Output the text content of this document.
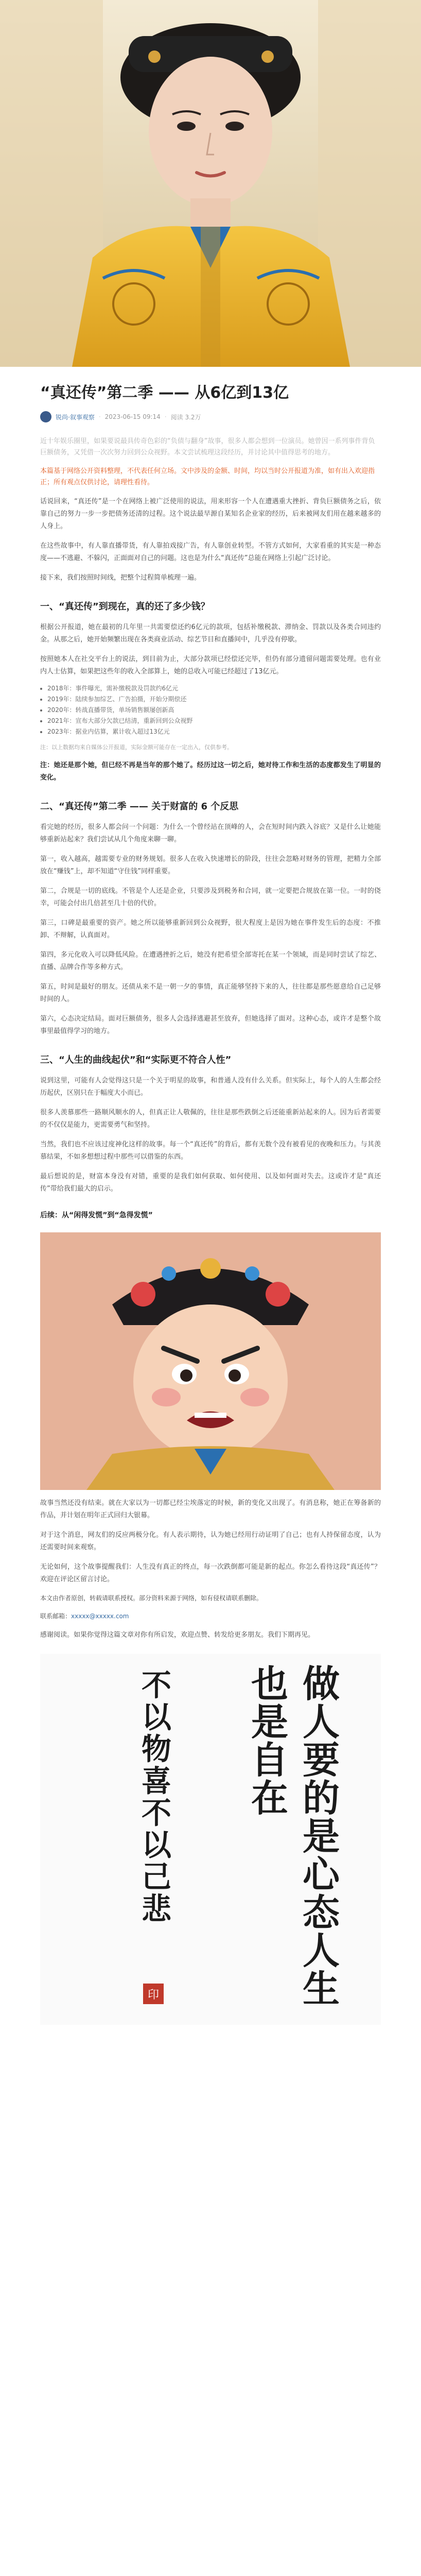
“真还传”第二季 —— 从6亿到13亿
锐尚·叙事观察 · 2023-06-15 09:14 · 阅读 3.2万

近十年娱乐圈里，如果要说最具传奇色彩的“负债与翻身”故事，很多人都会想到一位演员。她曾因一系列事件背负巨额债务，又凭借一次次努力回到公众视野。本文尝试梳理这段经历，并讨论其中值得思考的地方。

本篇基于网络公开资料整理，不代表任何立场。文中涉及的金额、时间，均以当时公开报道为准，如有出入欢迎指正；所有观点仅供讨论，请理性看待。

话说回来，“真还传”是一个在网络上被广泛使用的说法，用来形容一个人在遭遇重大挫折、背负巨额债务之后，依靠自己的努力一步一步把债务还清的过程。这个说法最早源自某知名企业家的经历，后来被网友们用在越来越多的人身上。

在这些故事中，有人靠直播带货，有人靠拍戏接广告，有人靠创业转型。不管方式如何，大家看重的其实是一种态度——不逃避、不躲闪，正面面对自己的问题。这也是为什么“真还传”总能在网络上引起广泛讨论。

接下来，我们按照时间线，把整个过程简单梳理一遍。

一、“真还传”到现在，真的还了多少钱？

根据公开报道，她在最初的几年里一共需要偿还约6亿元的款项，包括补缴税款、滞纳金、罚款以及各类合同违约金。从那之后，她开始频繁出现在各类商业活动、综艺节目和直播间中，几乎没有停歇。

按照她本人在社交平台上的说法，到目前为止，大部分款项已经偿还完毕，但仍有部分遗留问题需要处理。也有业内人士估算，如果把这些年的收入全部算上，她的总收入可能已经超过了13亿元。

• 2018年：事件曝光，需补缴税款及罚款约6亿元
• 2019年：陆续参加综艺、广告拍摄，开始分期偿还
• 2020年：转战直播带货，单场销售额屡创新高
• 2021年：宣布大部分欠款已结清，重新回到公众视野
• 2023年：据业内估算，累计收入超过13亿元

注：以上数据均来自媒体公开报道，实际金额可能存在一定出入，仅供参考。

注：她还是那个她，但已经不再是当年的那个她了。经历过这一切之后，她对待工作和生活的态度都发生了明显的变化。

二、“真还传”第二季 —— 关于财富的 6 个反思

看完她的经历，很多人都会问一个问题：为什么一个曾经站在顶峰的人，会在短时间内跌入谷底？又是什么让她能够重新站起来？我们尝试从几个角度来聊一聊。

第一，收入越高，越需要专业的财务规划。很多人在收入快速增长的阶段，往往会忽略对财务的管理，把精力全部放在“赚钱”上，却不知道“守住钱”同样重要。

第二，合规是一切的底线。不管是个人还是企业，只要涉及到税务和合同，就一定要把合规放在第一位。一时的侥幸，可能会付出几倍甚至几十倍的代价。

第三，口碑是最重要的资产。她之所以能够重新回到公众视野，很大程度上是因为她在事件发生后的态度：不推卸、不辩解，认真面对。

第四，多元化收入可以降低风险。在遭遇挫折之后，她没有把希望全部寄托在某一个领域，而是同时尝试了综艺、直播、品牌合作等多种方式。

第五，时间是最好的朋友。还债从来不是一朝一夕的事情，真正能够坚持下来的人，往往都是那些愿意给自己足够时间的人。

第六，心态决定结局。面对巨额债务，很多人会选择逃避甚至放弃，但她选择了面对。这种心态，或许才是整个故事里最值得学习的地方。

三、“人生的曲线起伏”和“实际更不符合人性”

说到这里，可能有人会觉得这只是一个关于明星的故事，和普通人没有什么关系。但实际上，每个人的人生都会经历起伏，区别只在于幅度大小而已。

很多人羡慕那些一路顺风顺水的人，但真正让人敬佩的，往往是那些跌倒之后还能重新站起来的人。因为后者需要的不仅仅是能力，更需要勇气和坚持。

当然，我们也不应该过度神化这样的故事。每一个“真还传”的背后，都有无数个没有被看见的夜晚和压力。与其羡慕结果，不如多想想过程中那些可以借鉴的东西。

最后想说的是，财富本身没有对错，重要的是我们如何获取、如何使用、以及如何面对失去。这或许才是“真还传”带给我们最大的启示。

后续：从“闲得发慌”到“急得发慌”

故事当然还没有结束。就在大家以为一切都已经尘埃落定的时候，新的变化又出现了。有消息称，她正在筹备新的作品，并计划在明年正式回归大银幕。

对于这个消息，网友们的反应两极分化。有人表示期待，认为她已经用行动证明了自己；也有人持保留态度，认为还需要时间来观察。

无论如何，这个故事提醒我们：人生没有真正的终点，每一次跌倒都可能是新的起点。你怎么看待这段“真还传”？欢迎在评论区留言讨论。

本文由作者原创，转载请联系授权。部分资料来源于网络，如有侵权请联系删除。

联系邮箱：xxxxx@xxxxx.com

感谢阅读。如果你觉得这篇文章对你有所启发，欢迎点赞、转发给更多朋友。我们下期再见。

不以物喜不以己悲	做人要的是心态人生也是自在
印
